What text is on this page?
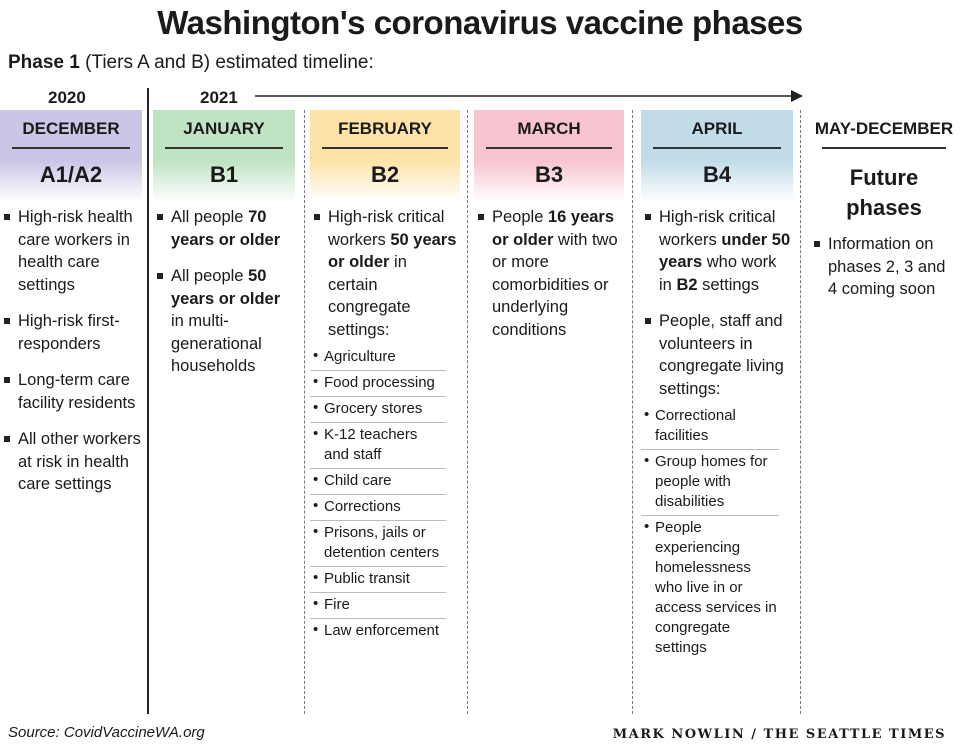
Washington's coronavirus vaccine phases
Phase 1 (Tiers A and B) estimated timeline:
2020	2021
DECEMBER
A1/A2
High-risk health care workers in health care settings
High-risk first-responders
Long-term care facility residents
All other workers at risk in health care settings
JANUARY
B1
All people 70 years or older
All people 50 years or older in multi-generational households
FEBRUARY
B2
High-risk critical workers 50 years or older in certain congregate settings:
• Agriculture
• Food processing
• Grocery stores
• K-12 teachers and staff
• Child care
• Corrections
• Prisons, jails or detention centers
• Public transit
• Fire
• Law enforcement
MARCH
B3
People 16 years or older with two or more comorbidities or underlying conditions
APRIL
B4
High-risk critical workers under 50 years who work in B2 settings
People, staff and volunteers in congregate living settings:
• Correctional facilities
• Group homes for people with disabilities
• People experiencing homelessness who live in or access services in congregate settings
MAY-DECEMBER
Future
phases
Information on phases 2, 3 and 4 coming soon
Source: CovidVaccineWA.org	MARK NOWLIN / THE SEATTLE TIMES
